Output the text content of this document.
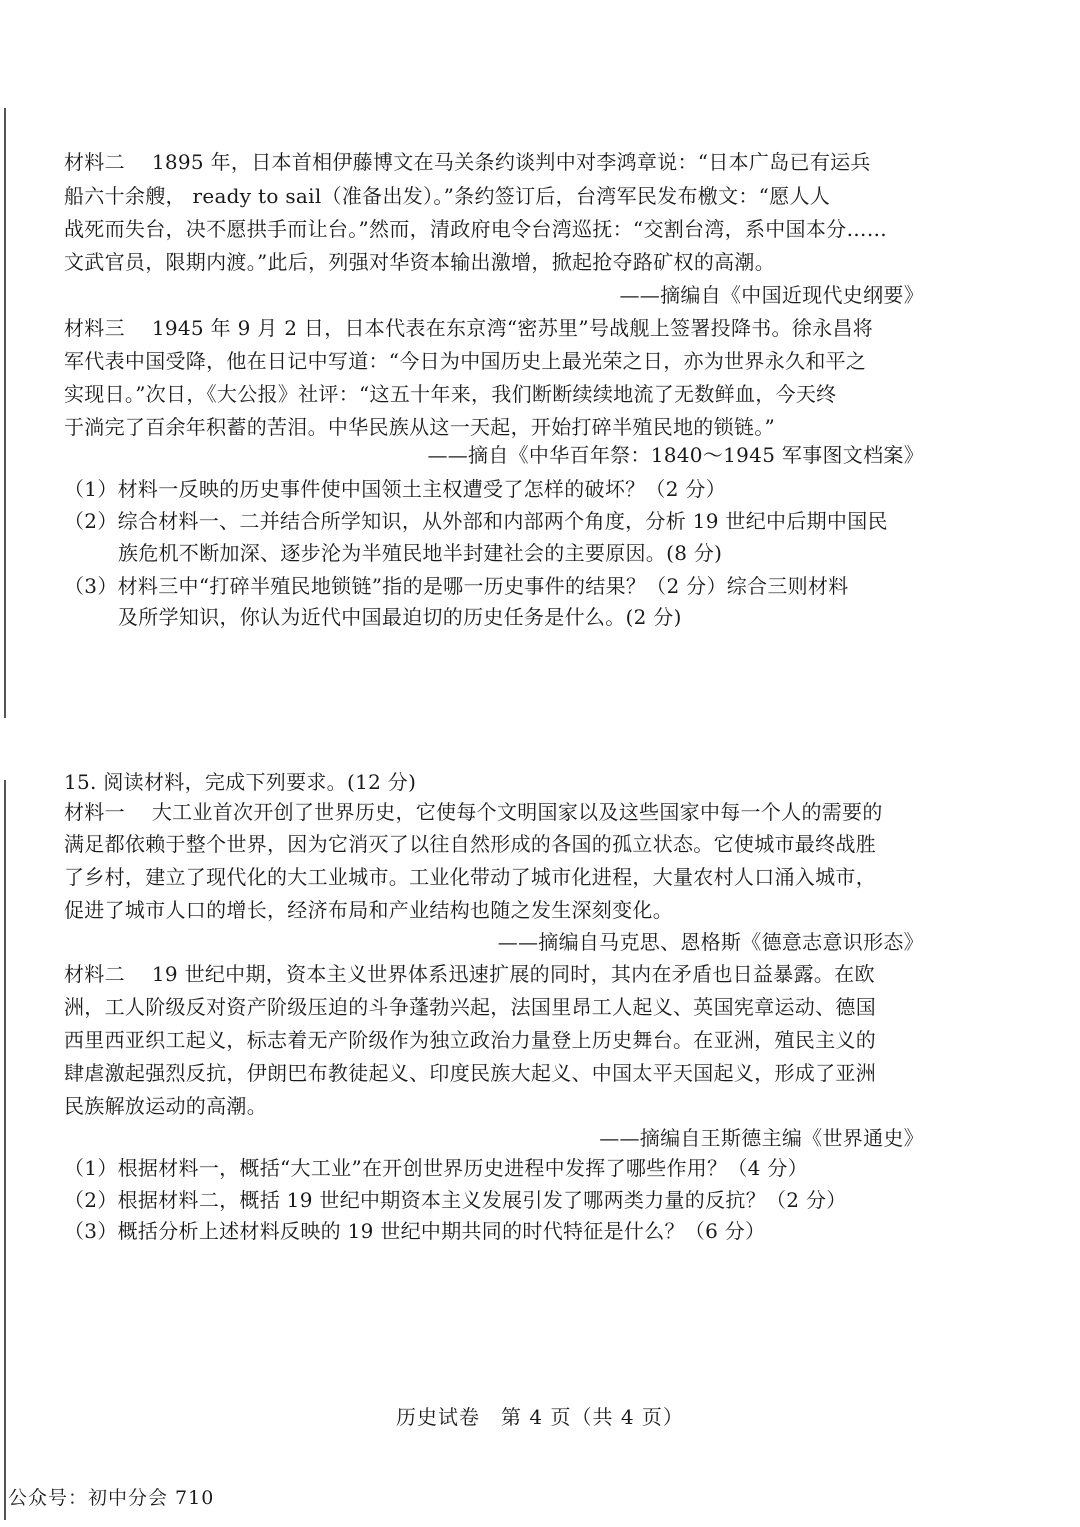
材料二　 1895 年，日本首相伊藤博文在马关条约谈判中对李鸿章说：“日本广岛已有运兵
船六十余艘， ready to sail（准备出发）。”条约签订后，台湾军民发布檄文：“愿人人
战死而失台，决不愿拱手而让台。”然而，清政府电令台湾巡抚：“交割台湾，系中国本分……
文武官员，限期内渡。”此后，列强对华资本输出激增，掀起抢夺路矿权的高潮。
——摘编自《中国近现代史纲要》
材料三　 1945 年 9 月 2 日，日本代表在东京湾“密苏里”号战舰上签署投降书。徐永昌将
军代表中国受降，他在日记中写道：“今日为中国历史上最光荣之日，亦为世界永久和平之
实现日。”次日，《大公报》社评：“这五十年来，我们断断续续地流了无数鲜血，今天终
于淌完了百余年积蓄的苦泪。中华民族从这一天起，开始打碎半殖民地的锁链。”
——摘自《中华百年祭：1840～1945 军事图文档案》
（1）材料一反映的历史事件使中国领土主权遭受了怎样的破坏？（2 分）
（2）综合材料一、二并结合所学知识，从外部和内部两个角度，分析 19 世纪中后期中国民
族危机不断加深、逐步沦为半殖民地半封建社会的主要原因。(8 分)
（3）材料三中“打碎半殖民地锁链”指的是哪一历史事件的结果？（2 分）综合三则材料
及所学知识，你认为近代中国最迫切的历史任务是什么。(2 分)
15. 阅读材料，完成下列要求。(12 分)
材料一　 大工业首次开创了世界历史，它使每个文明国家以及这些国家中每一个人的需要的
满足都依赖于整个世界，因为它消灭了以往自然形成的各国的孤立状态。它使城市最终战胜
了乡村，建立了现代化的大工业城市。工业化带动了城市化进程，大量农村人口涌入城市，
促进了城市人口的增长，经济布局和产业结构也随之发生深刻变化。
——摘编自马克思、恩格斯《德意志意识形态》
材料二　 19 世纪中期，资本主义世界体系迅速扩展的同时，其内在矛盾也日益暴露。在欧
洲，工人阶级反对资产阶级压迫的斗争蓬勃兴起，法国里昂工人起义、英国宪章运动、德国
西里西亚织工起义，标志着无产阶级作为独立政治力量登上历史舞台。在亚洲，殖民主义的
肆虐激起强烈反抗，伊朗巴布教徒起义、印度民族大起义、中国太平天国起义，形成了亚洲
民族解放运动的高潮。
——摘编自王斯德主编《世界通史》
（1）根据材料一，概括“大工业”在开创世界历史进程中发挥了哪些作用？（4 分）
（2）根据材料二，概括 19 世纪中期资本主义发展引发了哪两类力量的反抗？（2 分）
（3）概括分析上述材料反映的 19 世纪中期共同的时代特征是什么？（6 分）
历史试卷　第 4 页（共 4 页）
公众号：初中分会 710
